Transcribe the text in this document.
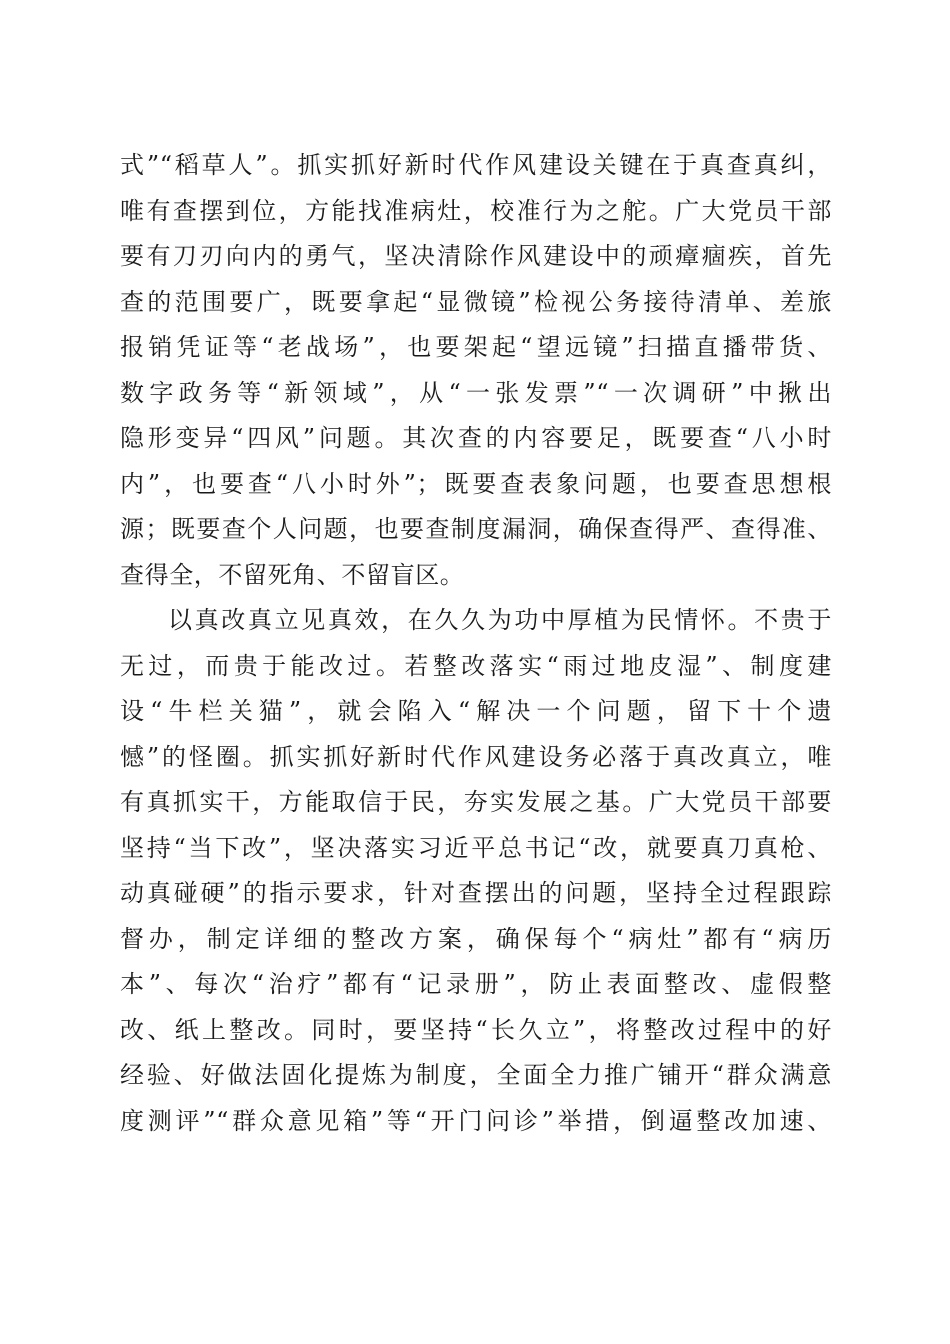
式”“稻草人”。抓实抓好新时代作风建设关键在于真查真纠，
唯有查摆到位，方能找准病灶，校准行为之舵。广大党员干部
要有刀刃向内的勇气，坚决清除作风建设中的顽瘴痼疾，首先
查的范围要广，既要拿起“显微镜”检视公务接待清单、差旅
报销凭证等“老战场”，也要架起“望远镜”扫描直播带货、
数字政务等“新领域”，从“一张发票”“一次调研”中揪出
隐形变异“四风”问题。其次查的内容要足，既要查“八小时
内”，也要查“八小时外”；既要查表象问题，也要查思想根
源；既要查个人问题，也要查制度漏洞，确保查得严、查得准、
查得全，不留死角、不留盲区。
以真改真立见真效，在久久为功中厚植为民情怀。不贵于
无过，而贵于能改过。若整改落实“雨过地皮湿”、制度建
设“牛栏关猫”，就会陷入“解决一个问题，留下十个遗
憾”的怪圈。抓实抓好新时代作风建设务必落于真改真立，唯
有真抓实干，方能取信于民，夯实发展之基。广大党员干部要
坚持“当下改”，坚决落实习近平总书记“改，就要真刀真枪、
动真碰硬”的指示要求，针对查摆出的问题，坚持全过程跟踪
督办，制定详细的整改方案，确保每个“病灶”都有“病历
本”、每次“治疗”都有“记录册”，防止表面整改、虚假整
改、纸上整改。同时，要坚持“长久立”，将整改过程中的好
经验、好做法固化提炼为制度，全面全力推广铺开“群众满意
度测评”“群众意见箱”等“开门问诊”举措，倒逼整改加速、
